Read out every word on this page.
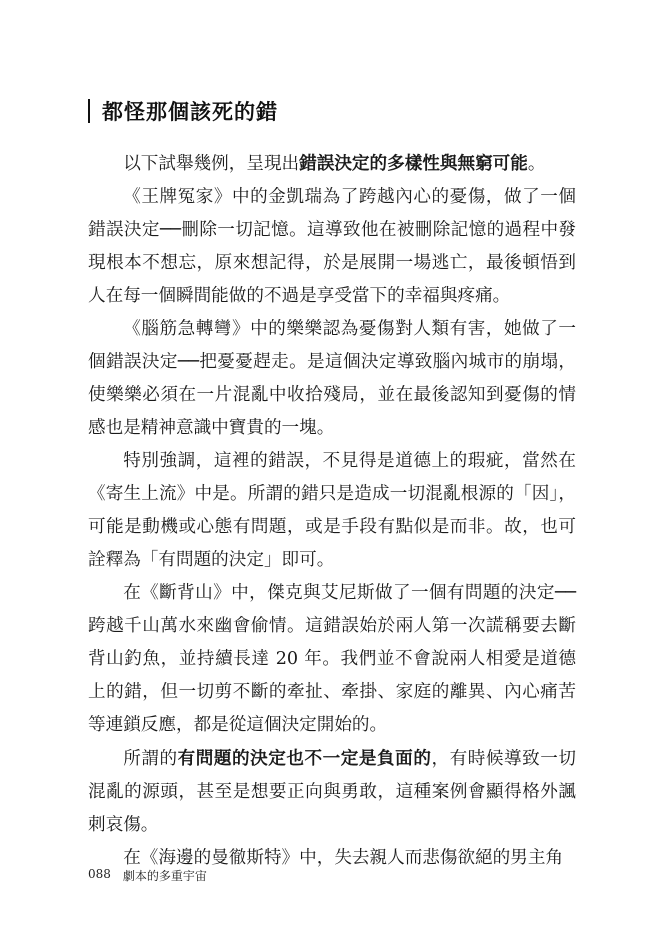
都怪那個該死的錯

以下試舉幾例，呈現出錯誤決定的多樣性與無窮可能。

《王牌冤家》中的金凱瑞為了跨越內心的憂傷，做了一個錯誤決定──刪除一切記憶。這導致他在被刪除記憶的過程中發現根本不想忘，原來想記得，於是展開一場逃亡，最後頓悟到人在每一個瞬間能做的不過是享受當下的幸福與疼痛。

《腦筋急轉彎》中的樂樂認為憂傷對人類有害，她做了一個錯誤決定──把憂憂趕走。是這個決定導致腦內城市的崩塌，使樂樂必須在一片混亂中收拾殘局，並在最後認知到憂傷的情感也是精神意識中寶貴的一塊。

特別強調，這裡的錯誤，不見得是道德上的瑕疵，當然在《寄生上流》中是。所謂的錯只是造成一切混亂根源的「因」，可能是動機或心態有問題，或是手段有點似是而非。故，也可詮釋為「有問題的決定」即可。

在《斷背山》中，傑克與艾尼斯做了一個有問題的決定──跨越千山萬水來幽會偷情。這錯誤始於兩人第一次謊稱要去斷背山釣魚，並持續長達 20 年。我們並不會說兩人相愛是道德上的錯，但一切剪不斷的牽扯、牽掛、家庭的離異、內心痛苦等連鎖反應，都是從這個決定開始的。

所謂的有問題的決定也不一定是負面的，有時候導致一切混亂的源頭，甚至是想要正向與勇敢，這種案例會顯得格外諷刺哀傷。

在《海邊的曼徹斯特》中，失去親人而悲傷欲絕的男主角

088 劇本的多重宇宙
